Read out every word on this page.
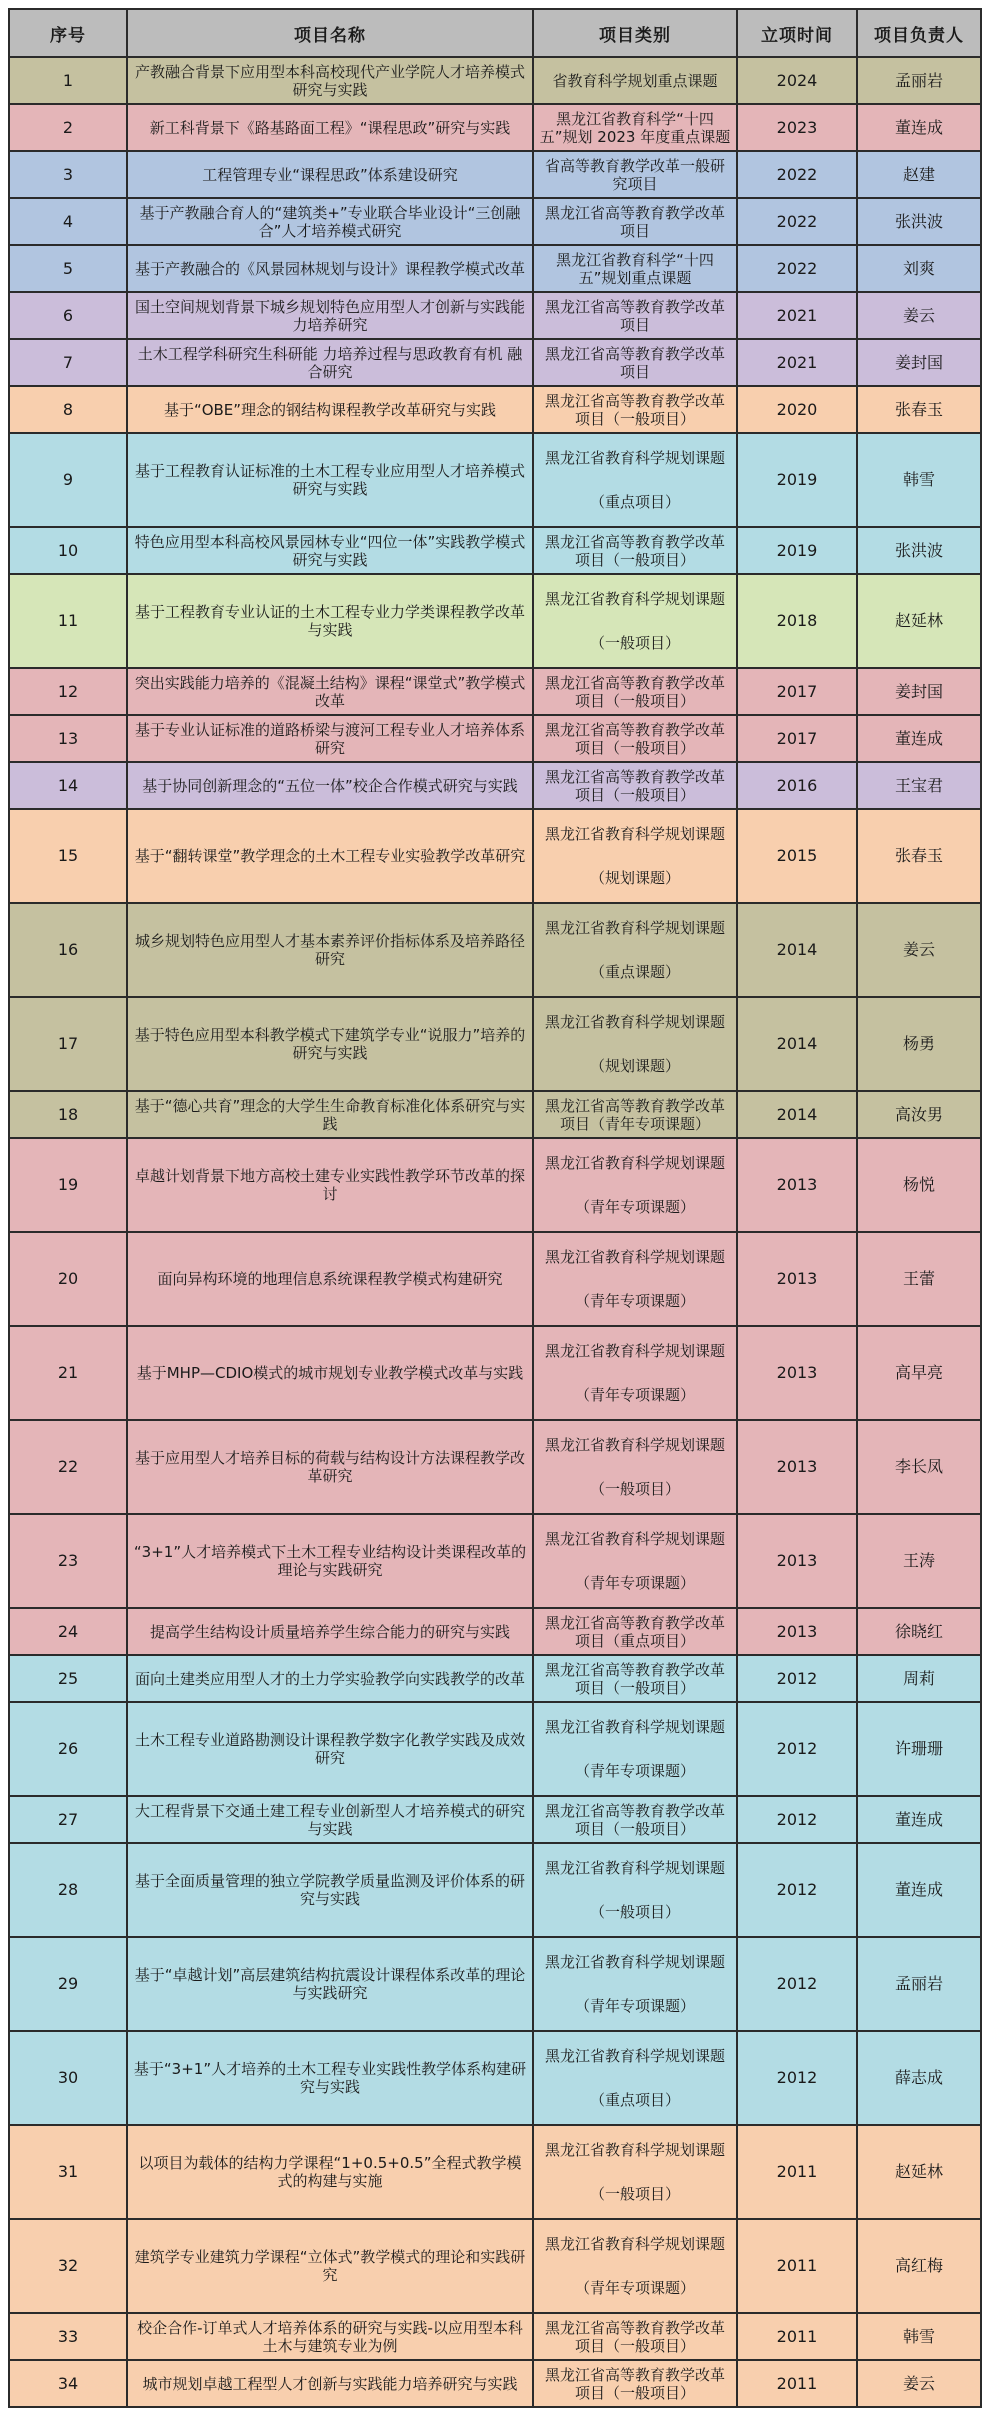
序号	项目名称	项目类别	立项时间	项目负责人
1	产教融合背景下应用型本科高校现代产业学院人才培养模式研究与实践	省教育科学规划重点课题	2024	孟丽岩
2	新工科背景下《路基路面工程》“课程思政”研究与实践	黑龙江省教育科学“十四五”规划 2023 年度重点课题	2023	董连成
3	工程管理专业“课程思政”体系建设研究	省高等教育教学改革一般研究项目	2022	赵建
4	基于产教融合育人的“建筑类+”专业联合毕业设计“三创融合”人才培养模式研究	黑龙江省高等教育教学改革项目	2022	张洪波
5	基于产教融合的《风景园林规划与设计》课程教学模式改革	黑龙江省教育科学“十四五”规划重点课题	2022	刘爽
6	国土空间规划背景下城乡规划特色应用型人才创新与实践能力培养研究	黑龙江省高等教育教学改革项目	2021	姜云
7	土木工程学科研究生科研能 力培养过程与思政教育有机 融合研究	黑龙江省高等教育教学改革项目	2021	姜封国
8	基于“OBE”理念的钢结构课程教学改革研究与实践	黑龙江省高等教育教学改革项目（一般项目）	2020	张春玉
9	基于工程教育认证标准的土木工程专业应用型人才培养模式研究与实践	黑龙江省教育科学规划课题
（重点项目）	2019	韩雪
10	特色应用型本科高校风景园林专业“四位一体”实践教学模式研究与实践	黑龙江省高等教育教学改革项目（一般项目）	2019	张洪波
11	基于工程教育专业认证的土木工程专业力学类课程教学改革与实践	黑龙江省教育科学规划课题
（一般项目）	2018	赵延林
12	突出实践能力培养的《混凝土结构》课程“课堂式”教学模式改革	黑龙江省高等教育教学改革项目（一般项目）	2017	姜封国
13	基于专业认证标准的道路桥梁与渡河工程专业人才培养体系研究	黑龙江省高等教育教学改革项目（一般项目）	2017	董连成
14	基于协同创新理念的“五位一体”校企合作模式研究与实践	黑龙江省高等教育教学改革项目（一般项目）	2016	王宝君
15	基于“翻转课堂”教学理念的土木工程专业实验教学改革研究	黑龙江省教育科学规划课题
（规划课题）	2015	张春玉
16	城乡规划特色应用型人才基本素养评价指标体系及培养路径研究	黑龙江省教育科学规划课题
（重点课题）	2014	姜云
17	基于特色应用型本科教学模式下建筑学专业“说服力”培养的研究与实践	黑龙江省教育科学规划课题
（规划课题）	2014	杨勇
18	基于“德心共育”理念的大学生生命教育标准化体系研究与实践	黑龙江省高等教育教学改革项目（青年专项课题）	2014	高汝男
19	卓越计划背景下地方高校土建专业实践性教学环节改革的探讨	黑龙江省教育科学规划课题
（青年专项课题）	2013	杨悦
20	面向异构环境的地理信息系统课程教学模式构建研究	黑龙江省教育科学规划课题
（青年专项课题）	2013	王蕾
21	基于MHP—CDIO模式的城市规划专业教学模式改革与实践	黑龙江省教育科学规划课题
（青年专项课题）	2013	高早亮
22	基于应用型人才培养目标的荷载与结构设计方法课程教学改革研究	黑龙江省教育科学规划课题
（一般项目）	2013	李长凤
23	“3+1”人才培养模式下土木工程专业结构设计类课程改革的理论与实践研究	黑龙江省教育科学规划课题
（青年专项课题）	2013	王涛
24	提高学生结构设计质量培养学生综合能力的研究与实践	黑龙江省高等教育教学改革项目（重点项目）	2013	徐晓红
25	面向土建类应用型人才的土力学实验教学向实践教学的改革	黑龙江省高等教育教学改革项目（一般项目）	2012	周莉
26	土木工程专业道路勘测设计课程教学数字化教学实践及成效研究	黑龙江省教育科学规划课题
（青年专项课题）	2012	许珊珊
27	大工程背景下交通土建工程专业创新型人才培养模式的研究与实践	黑龙江省高等教育教学改革项目（一般项目）	2012	董连成
28	基于全面质量管理的独立学院教学质量监测及评价体系的研究与实践	黑龙江省教育科学规划课题
（一般项目）	2012	董连成
29	基于“卓越计划”高层建筑结构抗震设计课程体系改革的理论与实践研究	黑龙江省教育科学规划课题
（青年专项课题）	2012	孟丽岩
30	基于“3+1”人才培养的土木工程专业实践性教学体系构建研究与实践	黑龙江省教育科学规划课题
（重点项目）	2012	薛志成
31	以项目为载体的结构力学课程“1+0.5+0.5”全程式教学模式的构建与实施	黑龙江省教育科学规划课题
（一般项目）	2011	赵延林
32	建筑学专业建筑力学课程“立体式”教学模式的理论和实践研究	黑龙江省教育科学规划课题
（青年专项课题）	2011	高红梅
33	校企合作-订单式人才培养体系的研究与实践-以应用型本科土木与建筑专业为例	黑龙江省高等教育教学改革项目（一般项目）	2011	韩雪
34	城市规划卓越工程型人才创新与实践能力培养研究与实践	黑龙江省高等教育教学改革项目（一般项目）	2011	姜云
